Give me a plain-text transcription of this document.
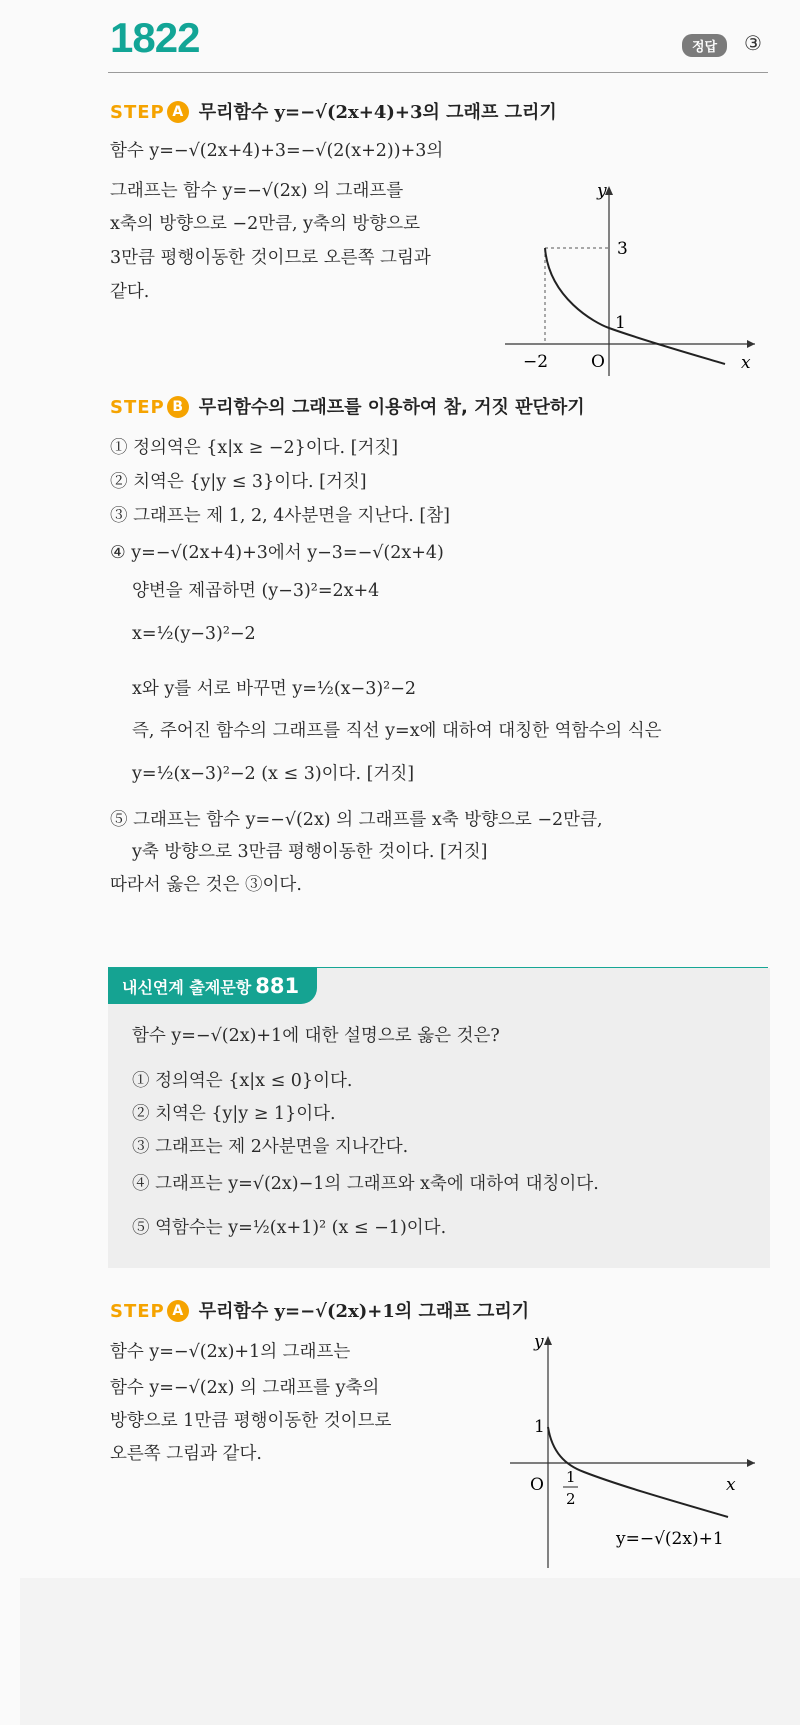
1822	정답	③
STEP A 무리함수 y=−√(2x+4)+3의 그래프 그리기
함수 y=−√(2x+4)+3=−√(2(x+2))+3의
그래프는 함수 y=−√(2x) 의 그래프를
x축의 방향으로 −2만큼, y축의 방향으로
3만큼 평행이동한 것이므로 오른쪽 그림과
같다.
y
x
O
−2
3
1
STEP B 무리함수의 그래프를 이용하여 참, 거짓 판단하기
① 정의역은 {x|x ≥ −2}이다. [거짓]
② 치역은 {y|y ≤ 3}이다. [거짓]
③ 그래프는 제 1, 2, 4사분면을 지난다. [참]
④ y=−√(2x+4)+3에서 y−3=−√(2x+4)
양변을 제곱하면 (y−3)²=2x+4
x=½(y−3)²−2
x와 y를 서로 바꾸면 y=½(x−3)²−2
즉, 주어진 함수의 그래프를 직선 y=x에 대하여 대칭한 역함수의 식은
y=½(x−3)²−2 (x ≤ 3)이다. [거짓]
⑤ 그래프는 함수 y=−√(2x) 의 그래프를 x축 방향으로 −2만큼,
y축 방향으로 3만큼 평행이동한 것이다. [거짓]
따라서 옳은 것은 ③이다.
내신연계 출제문항 881
함수 y=−√(2x)+1에 대한 설명으로 옳은 것은?
① 정의역은 {x|x ≤ 0}이다.
② 치역은 {y|y ≥ 1}이다.
③ 그래프는 제 2사분면을 지나간다.
④ 그래프는 y=√(2x)−1의 그래프와 x축에 대하여 대칭이다.
⑤ 역함수는 y=½(x+1)² (x ≤ −1)이다.
STEP A 무리함수 y=−√(2x)+1의 그래프 그리기
함수 y=−√(2x)+1의 그래프는
함수 y=−√(2x) 의 그래프를 y축의
방향으로 1만큼 평행이동한 것이므로
오른쪽 그림과 같다.
y
x
O
1
1
2
y=−√(2x)+1
